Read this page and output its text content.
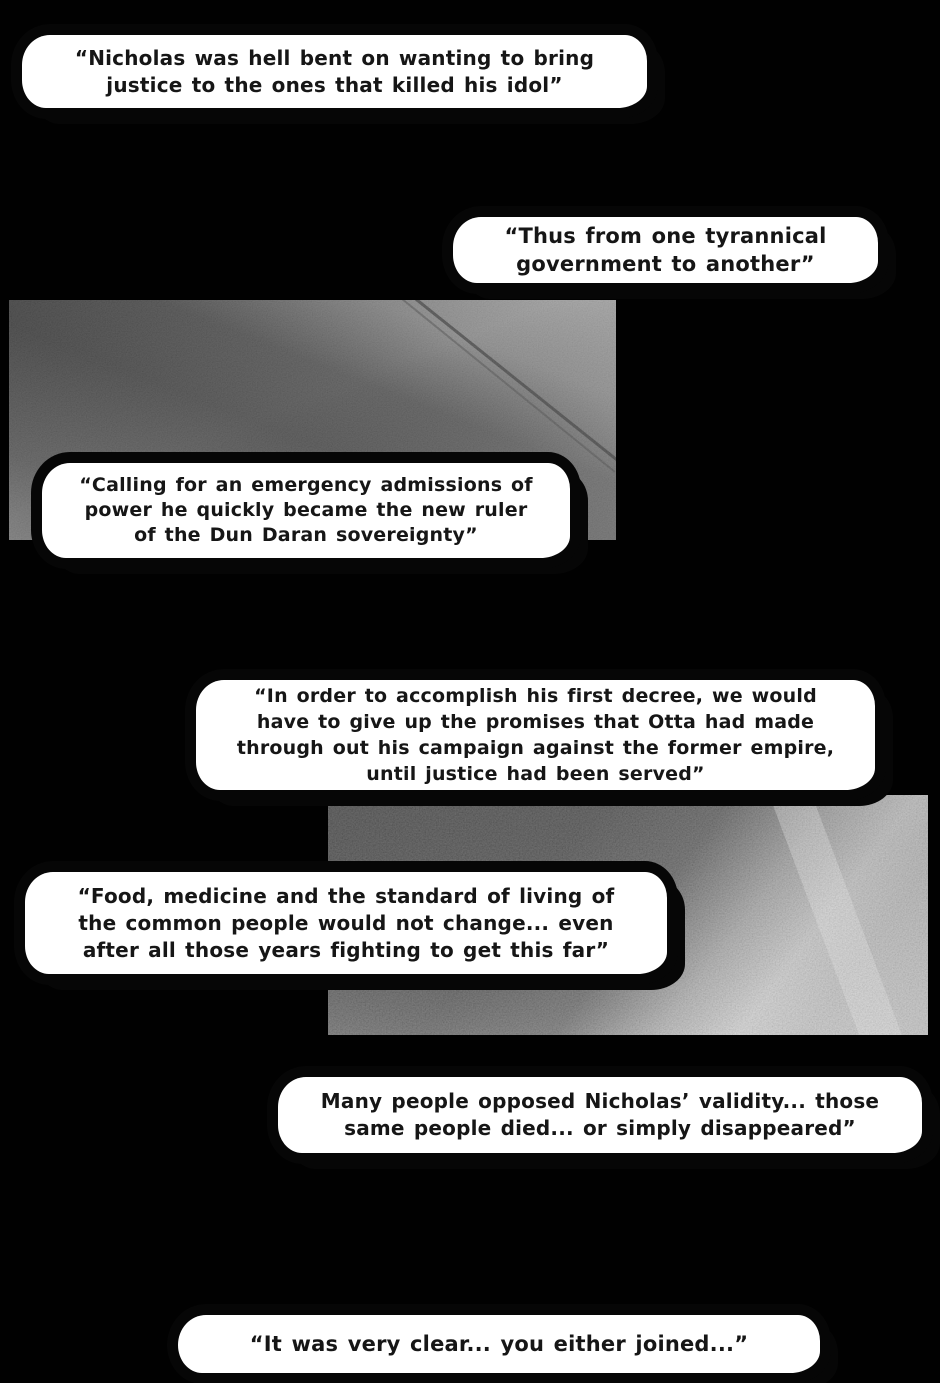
“Nicholas was hell bent on wanting to bring
justice to the ones that killed his idol”
“Thus from one tyrannical
government to another”
“Calling for an emergency admissions of
power he quickly became the new ruler
of the Dun Daran sovereignty”
“In order to accomplish his first decree, we would
have to give up the promises that Otta had made
through out his campaign against the former empire,
until justice had been served”
“Food, medicine and the standard of living of
the common people would not change... even
after all those years fighting to get this far”
Many people opposed Nicholas’ validity... those
same people died... or simply disappeared”
“It was very clear... you either joined...”
